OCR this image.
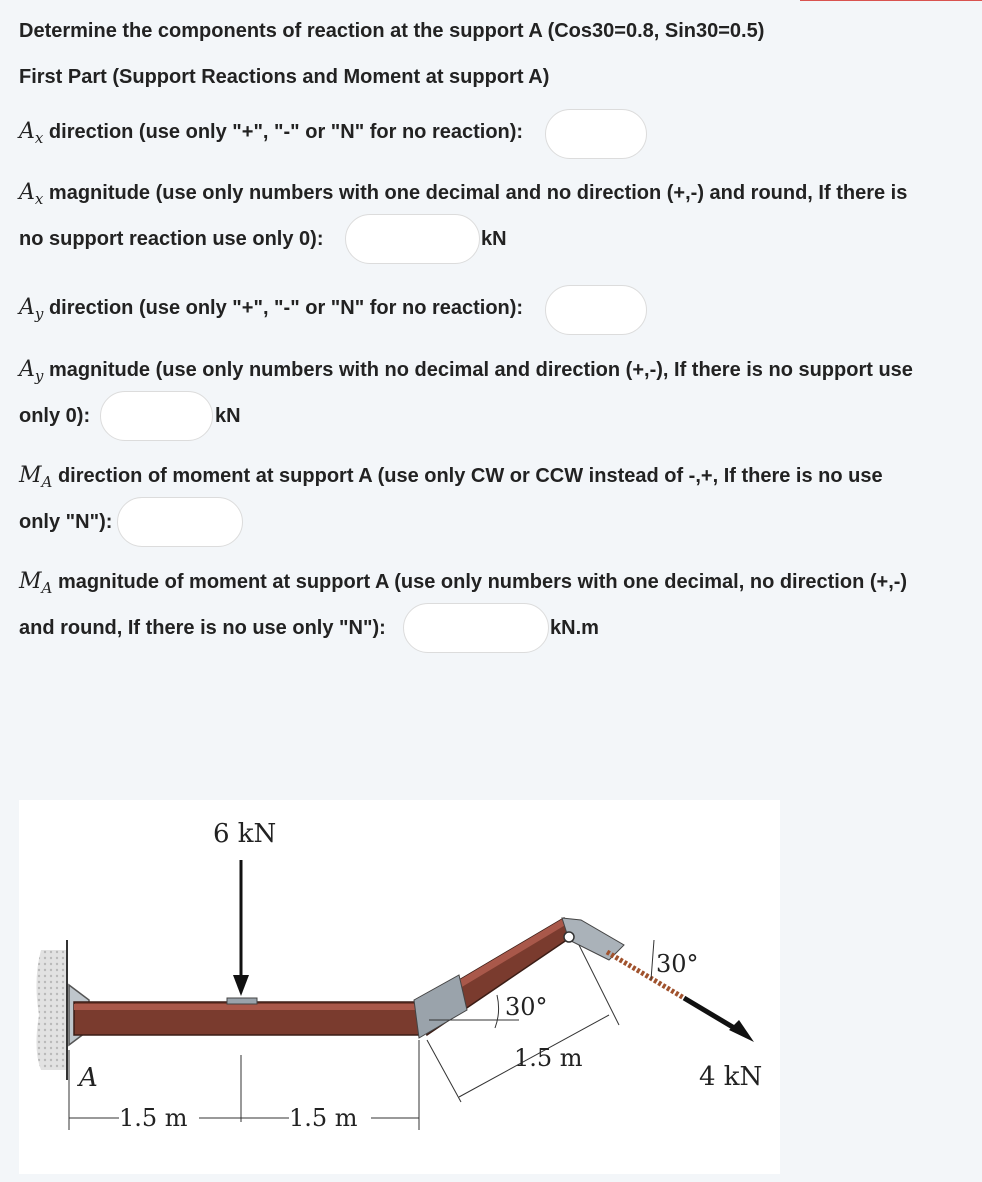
Determine the components of reaction at the support A (Cos30=0.8, Sin30=0.5)
First Part (Support Reactions and Moment at support A)
$A_x$ direction (use only "+", "-" or "N" for no reaction):
$A_x$ magnitude (use only numbers with one decimal and no direction (+,-) and round, If there is
no support reaction use only 0):	kN
$A_y$ direction (use only "+", "-" or "N" for no reaction):
$A_y$ magnitude (use only numbers with no decimal and direction (+,-), If there is no support use
only 0):	kN
$M_A$ direction of moment at support A (use only CW or CCW instead of -,+, If there is no use
only "N"):
$M_A$ magnitude of moment at support A (use only numbers with one decimal, no direction (+,-)
and round, If there is no use only "N"):	kN.m
6 kN
4 kN
30°
30°
1.5 m
1.5 m	1.5 m
A
